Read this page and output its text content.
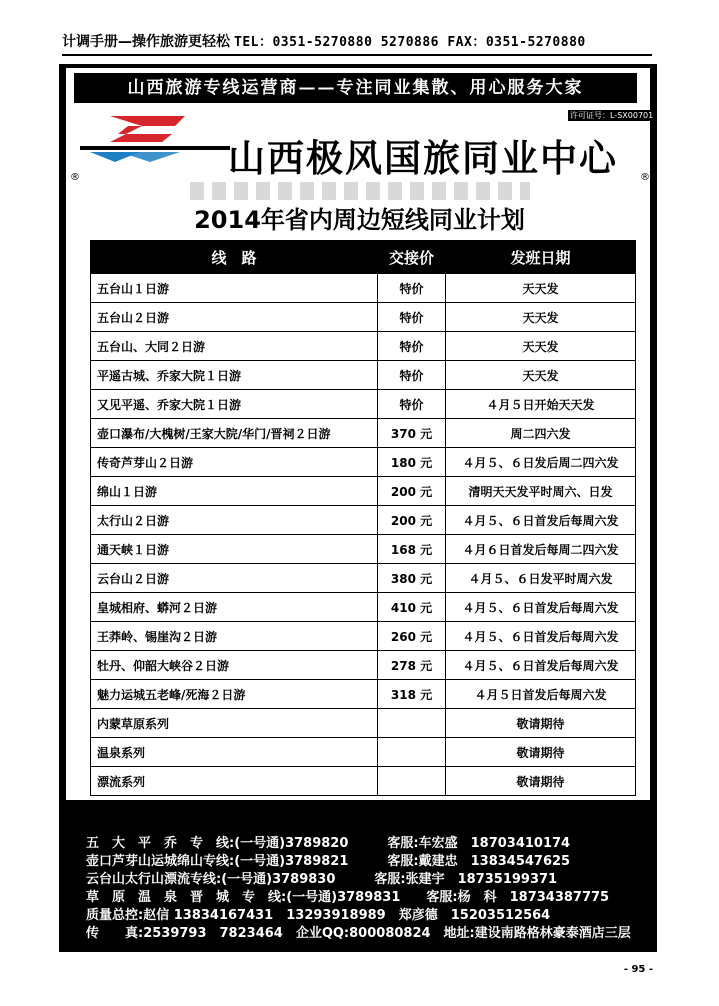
计调手册—操作旅游更轻松 TEL：0351-5270880 5270886 FAX：0351-5270880
山西旅游专线运营商——专注同业集散、用心服务大家
许可证号：L-SX00701
山西极风国旅同业中心
®	®
2014年省内周边短线同业计划
线　路	交接价	发班日期
五台山１日游	特价	天天发
五台山２日游	特价	天天发
五台山、大同２日游	特价	天天发
平遥古城、乔家大院１日游	特价	天天发
又见平遥、乔家大院１日游	特价	４月５日开始天天发
壶口瀑布/大槐树/王家大院/华门/晋祠２日游	370 元	周二四六发
传奇芦芽山２日游	180 元	４月５、６日发后周二四六发
绵山１日游	200 元	清明天天发平时周六、日发
太行山２日游	200 元	４月５、６日首发后每周六发
通天峡１日游	168 元	４月６日首发后每周二四六发
云台山２日游	380 元	４月５、６日发平时周六发
皇城相府、蟒河２日游	410 元	４月５、６日首发后每周六发
王莽岭、锡崖沟２日游	260 元	４月５、６日首发后每周六发
牡丹、仰韶大峡谷２日游	278 元	４月５、６日首发后每周六发
魅力运城五老峰/死海２日游	318 元	４月５日首发后每周六发
内蒙草原系列		敬请期待
温泉系列		敬请期待
漂流系列		敬请期待
五　大　平　乔　专　线:(一号通)3789820　　　客服:车宏盛　18703410174
壶口芦芽山运城绵山专线:(一号通)3789821　　　客服:戴建忠　13834547625
云台山太行山漂流专线:(一号通)3789830　　　客服:张建宇　18735199371
草　原　温　泉　晋　城　专　线:(一号通)3789831　　客服:杨　科　18734387775
质量总控:赵信 13834167431　13293918989　郑彦德　15203512564
传　　真:2539793　7823464　企业QQ:800080824　地址:建设南路格林豪泰酒店三层
- 95 -
